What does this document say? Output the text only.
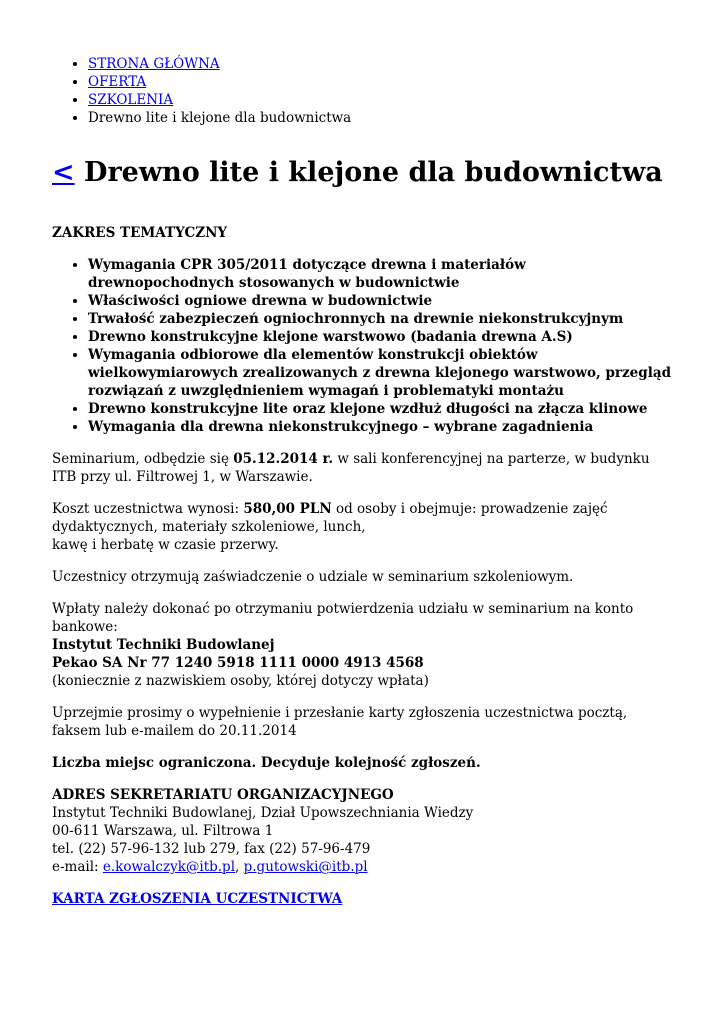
• STRONA GŁÓWNA
• OFERTA
• SZKOLENIA
• Drewno lite i klejone dla budownictwa
< Drewno lite i klejone dla budownictwa

ZAKRES TEMATYCZNY

• Wymagania CPR 305/2011 dotyczące drewna i materiałów drewnopochodnych stosowanych w budownictwie
• Właściwości ogniowe drewna w budownictwie
• Trwałość zabezpieczeń ogniochronnych na drewnie niekonstrukcyjnym
• Drewno konstrukcyjne klejone warstwowo (badania drewna A.S)
• Wymagania odbiorowe dla elementów konstrukcji obiektów wielkowymiarowych zrealizowanych z drewna klejonego warstwowo, przegląd rozwiązań z uwzględnieniem wymagań i problematyki montażu
• Drewno konstrukcyjne lite oraz klejone wzdłuż długości na złącza klinowe
• Wymagania dla drewna niekonstrukcyjnego – wybrane zagadnienia

Seminarium, odbędzie się 05.12.2014 r. w sali konferencyjnej na parterze, w budynku ITB przy ul. Filtrowej 1, w Warszawie.

Koszt uczestnictwa wynosi: 580,00 PLN od osoby i obejmuje: prowadzenie zajęć dydaktycznych, materiały szkoleniowe, lunch,
kawę i herbatę w czasie przerwy.

Uczestnicy otrzymują zaświadczenie o udziale w seminarium szkoleniowym.

Wpłaty należy dokonać po otrzymaniu potwierdzenia udziału w seminarium na konto bankowe:
Instytut Techniki Budowlanej
Pekao SA Nr 77 1240 5918 1111 0000 4913 4568
(koniecznie z nazwiskiem osoby, której dotyczy wpłata)

Uprzejmie prosimy o wypełnienie i przesłanie karty zgłoszenia uczestnictwa pocztą, faksem lub e-mailem do 20.11.2014

Liczba miejsc ograniczona. Decyduje kolejność zgłoszeń.

ADRES SEKRETARIATU ORGANIZACYJNEGO
Instytut Techniki Budowlanej, Dział Upowszechniania Wiedzy
00-611 Warszawa, ul. Filtrowa 1
tel. (22) 57-96-132 lub 279, fax (22) 57-96-479
e-mail: e.kowalczyk@itb.pl, p.gutowski@itb.pl

KARTA ZGŁOSZENIA UCZESTNICTWA
